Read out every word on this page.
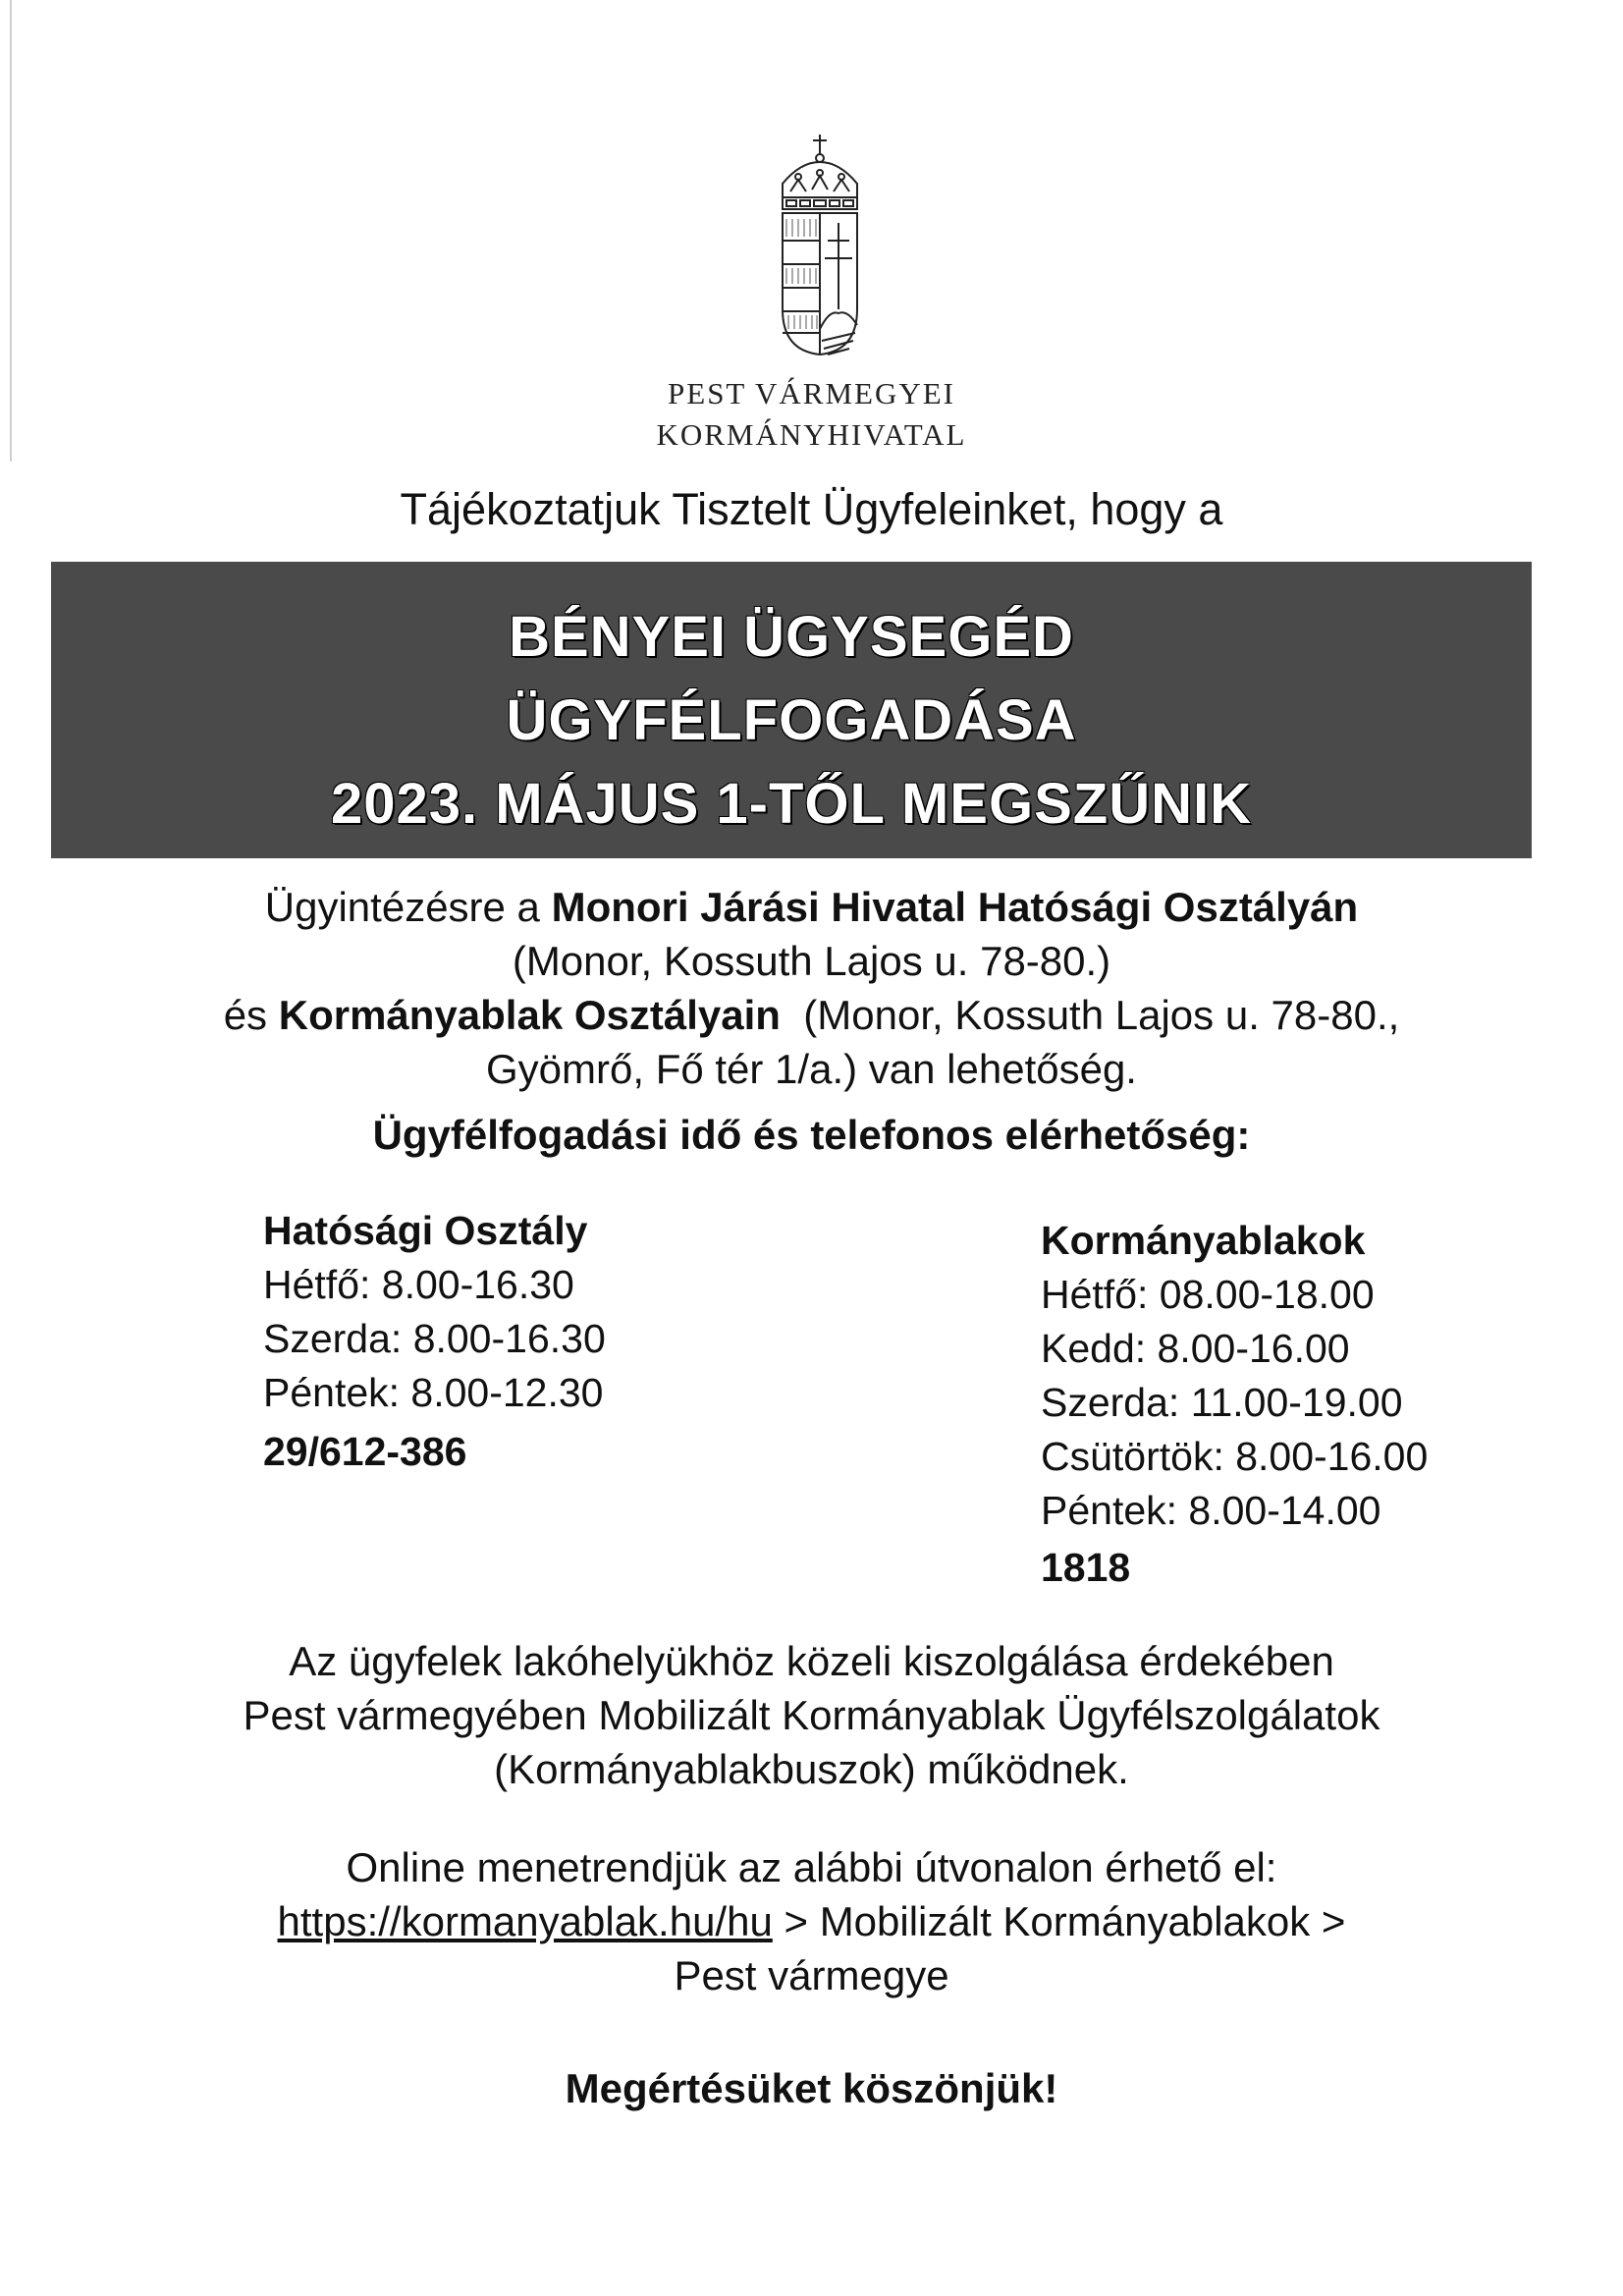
PEST VÁRMEGYEI
KORMÁNYHIVATAL
Tájékoztatjuk Tisztelt Ügyfeleinket, hogy a
BÉNYEI ÜGYSEGÉD
ÜGYFÉLFOGADÁSA
2023. MÁJUS 1-TŐL MEGSZŰNIK
Ügyintézésre a Monori Járási Hivatal Hatósági Osztályán
(Monor, Kossuth Lajos u. 78-80.)
és Kormányablak Osztályain  (Monor, Kossuth Lajos u. 78-80.,
Gyömrő, Fő tér 1/a.) van lehetőség.
Ügyfélfogadási idő és telefonos elérhetőség:
Hatósági Osztály
Hétfő: 8.00-16.30
Szerda: 8.00-16.30
Péntek: 8.00-12.30
29/612-386
Kormányablakok
Hétfő: 08.00-18.00
Kedd: 8.00-16.00
Szerda: 11.00-19.00
Csütörtök: 8.00-16.00
Péntek: 8.00-14.00
1818
Az ügyfelek lakóhelyükhöz közeli kiszolgálása érdekében
Pest vármegyében Mobilizált Kormányablak Ügyfélszolgálatok
(Kormányablakbuszok) működnek.
Online menetrendjük az alábbi útvonalon érhető el:
https://kormanyablak.hu/hu > Mobilizált Kormányablakok >
Pest vármegye
Megértésüket köszönjük!
